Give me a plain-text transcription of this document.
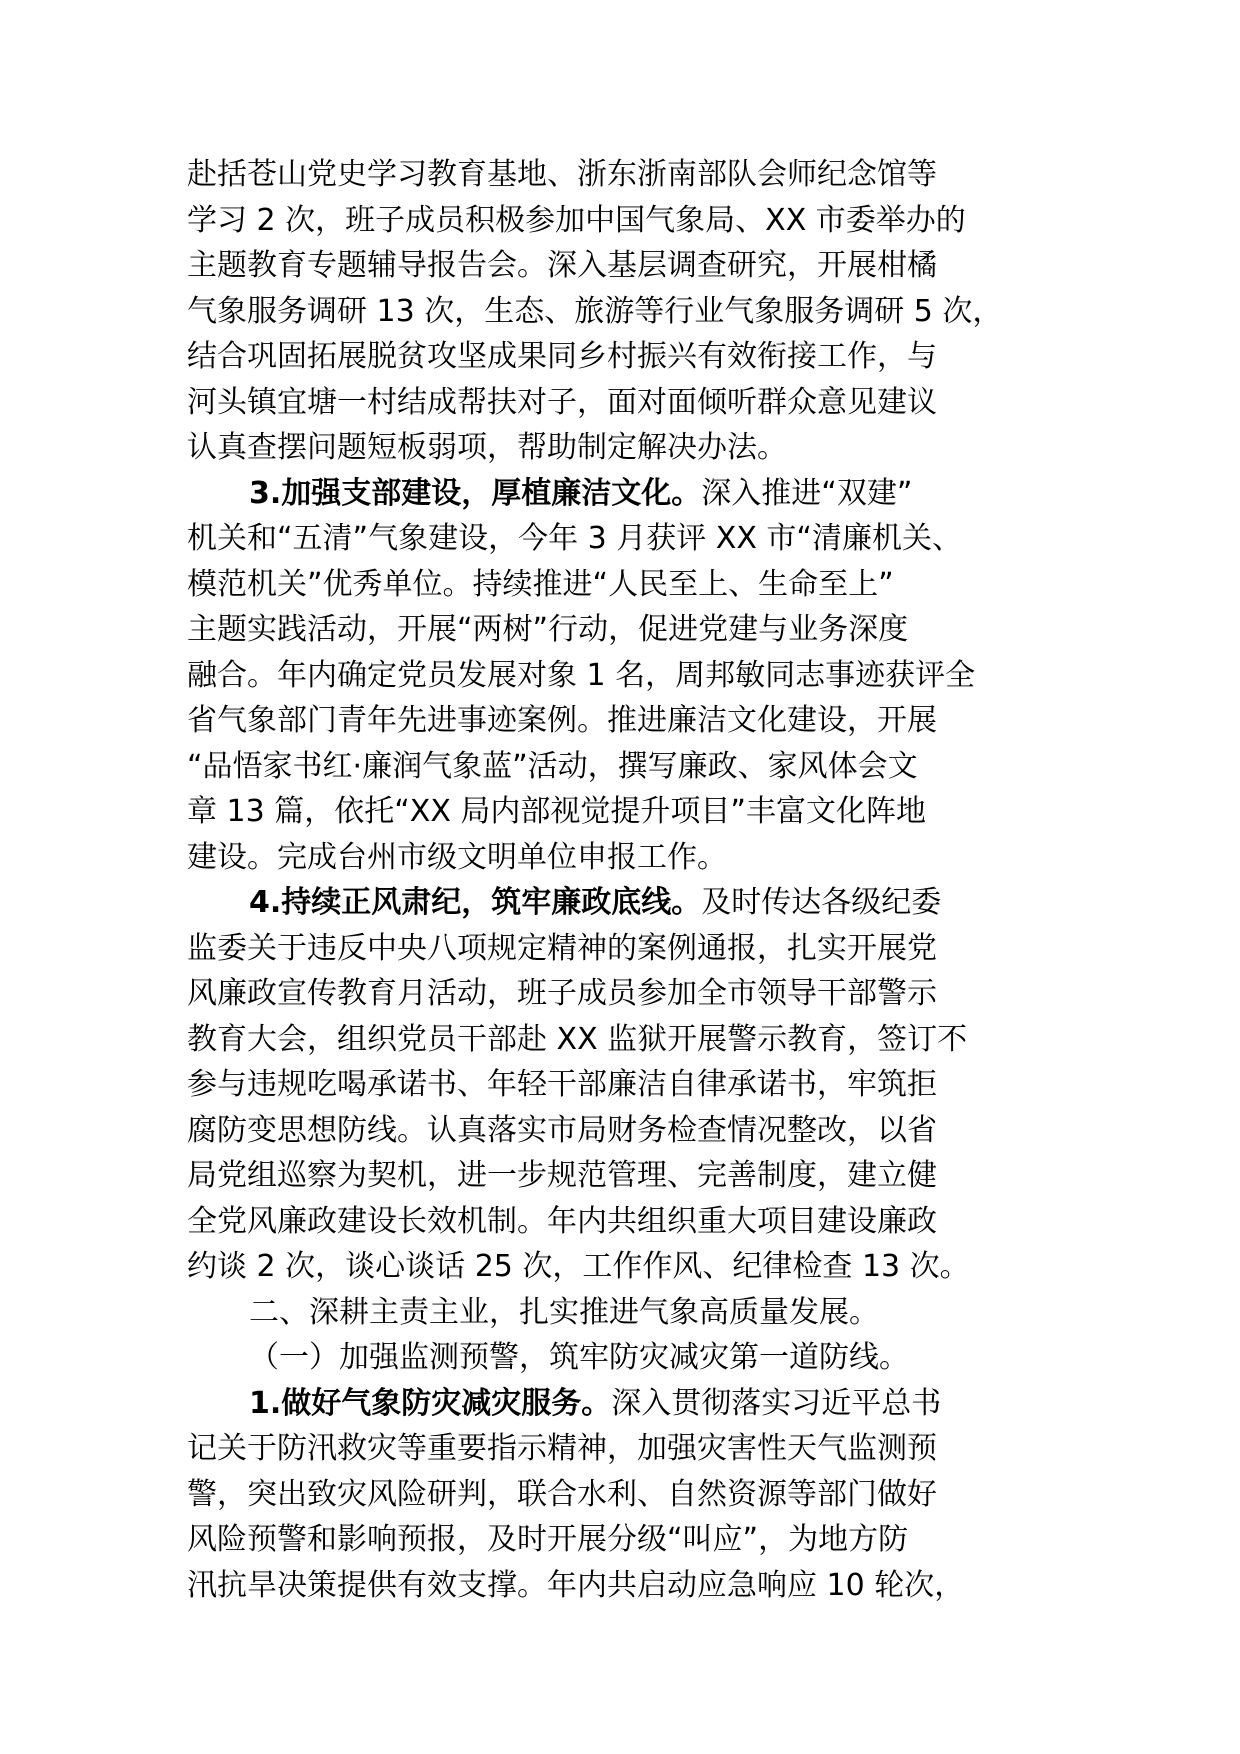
赴括苍山党史学习教育基地、浙东浙南部队会师纪念馆等
学习 2 次，班子成员积极参加中国气象局、XX 市委举办的
主题教育专题辅导报告会。深入基层调查研究，开展柑橘
气象服务调研 13 次，生态、旅游等行业气象服务调研 5 次，
结合巩固拓展脱贫攻坚成果同乡村振兴有效衔接工作，与
河头镇宜塘一村结成帮扶对子，面对面倾听群众意见建议
认真查摆问题短板弱项，帮助制定解决办法。
3.加强支部建设，厚植廉洁文化。深入推进“双建”
机关和“五清”气象建设，今年 3 月获评 XX 市“清廉机关、
模范机关”优秀单位。持续推进“人民至上、生命至上”
主题实践活动，开展“两树”行动，促进党建与业务深度
融合。年内确定党员发展对象 1 名，周邦敏同志事迹获评全
省气象部门青年先进事迹案例。推进廉洁文化建设，开展
“品悟家书红·廉润气象蓝”活动，撰写廉政、家风体会文
章 13 篇，依托“XX 局内部视觉提升项目”丰富文化阵地
建设。完成台州市级文明单位申报工作。
4.持续正风肃纪，筑牢廉政底线。及时传达各级纪委
监委关于违反中央八项规定精神的案例通报，扎实开展党
风廉政宣传教育月活动，班子成员参加全市领导干部警示
教育大会，组织党员干部赴 XX 监狱开展警示教育，签订不
参与违规吃喝承诺书、年轻干部廉洁自律承诺书，牢筑拒
腐防变思想防线。认真落实市局财务检查情况整改，以省
局党组巡察为契机，进一步规范管理、完善制度，建立健
全党风廉政建设长效机制。年内共组织重大项目建设廉政
约谈 2 次，谈心谈话 25 次，工作作风、纪律检查 13 次。
二、深耕主责主业，扎实推进气象高质量发展。
（一）加强监测预警，筑牢防灾减灾第一道防线。
1.做好气象防灾减灾服务。深入贯彻落实习近平总书
记关于防汛救灾等重要指示精神，加强灾害性天气监测预
警，突出致灾风险研判，联合水利、自然资源等部门做好
风险预警和影响预报，及时开展分级“叫应”，为地方防
汛抗旱决策提供有效支撑。年内共启动应急响应 10 轮次，
